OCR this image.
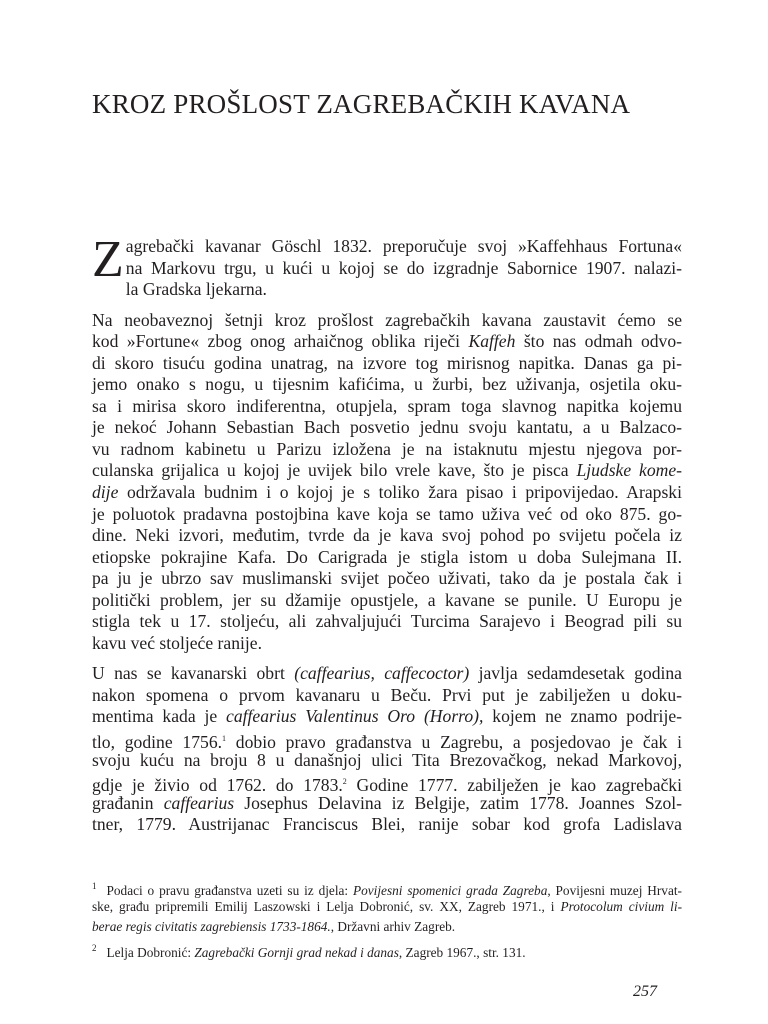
KROZ PROŠLOST ZAGREBAČKIH KAVANA
Z agrebački kavanar Göschl 1832. preporučuje svoj »Kaffehhaus Fortuna«
na Markovu trgu, u kući u kojoj se do izgradnje Sabornice 1907. nalazi-
la Gradska ljekarna.
Na neobaveznoj šetnji kroz prošlost zagrebačkih kavana zaustavit ćemo se
kod »Fortune« zbog onog arhaičnog oblika riječi Kaffeh što nas odmah odvo-
di skoro tisuću godina unatrag, na izvore tog mirisnog napitka. Danas ga pi-
jemo onako s nogu, u tijesnim kafićima, u žurbi, bez uživanja, osjetila oku-
sa i mirisa skoro indiferentna, otupjela, spram toga slavnog napitka kojemu
je nekoć Johann Sebastian Bach posvetio jednu svoju kantatu, a u Balzaco-
vu radnom kabinetu u Parizu izložena je na istaknutu mjestu njegova por-
culanska grijalica u kojoj je uvijek bilo vrele kave, što je pisca Ljudske kome-
dije održavala budnim i o kojoj je s toliko žara pisao i pripovijedao. Arapski
je poluotok pradavna postojbina kave koja se tamo uživa već od oko 875. go-
dine. Neki izvori, međutim, tvrde da je kava svoj pohod po svijetu počela iz
etiopske pokrajine Kafa. Do Carigrada je stigla istom u doba Sulejmana II.
pa ju je ubrzo sav muslimanski svijet počeo uživati, tako da je postala čak i
politički problem, jer su džamije opustjele, a kavane se punile. U Europu je
stigla tek u 17. stoljeću, ali zahvaljujući Turcima Sarajevo i Beograd pili su
kavu već stoljeće ranije.
U nas se kavanarski obrt (caffearius, caffecoctor) javlja sedamdesetak godina
nakon spomena o prvom kavanaru u Beču. Prvi put je zabilježen u doku-
mentima kada je caffearius Valentinus Oro (Horro), kojem ne znamo podrije-
tlo, godine 1756.$^1$ dobio pravo građanstva u Zagrebu, a posjedovao je čak i
svoju kuću na broju 8 u današnjoj ulici Tita Brezovačkog, nekad Markovoj,
gdje je živio od 1762. do 1783.$^2$ Godine 1777. zabilježen je kao zagrebački
građanin caffearius Josephus Delavina iz Belgije, zatim 1778. Joannes Szol-
tner, 1779. Austrijanac Franciscus Blei, ranije sobar kod grofa Ladislava
$^1$ Podaci o pravu građanstva uzeti su iz djela: Povijesni spomenici grada Zagreba, Povijesni muzej Hrvat-
ske, građu pripremili Emilij Laszowski i Lelja Dobronić, sv. XX, Zagreb 1971., i Protocolum civium li-
berae regis civitatis zagrebiensis 1733-1864., Državni arhiv Zagreb.
$^2$ Lelja Dobronić: Zagrebački Gornji grad nekad i danas, Zagreb 1967., str. 131.
257
